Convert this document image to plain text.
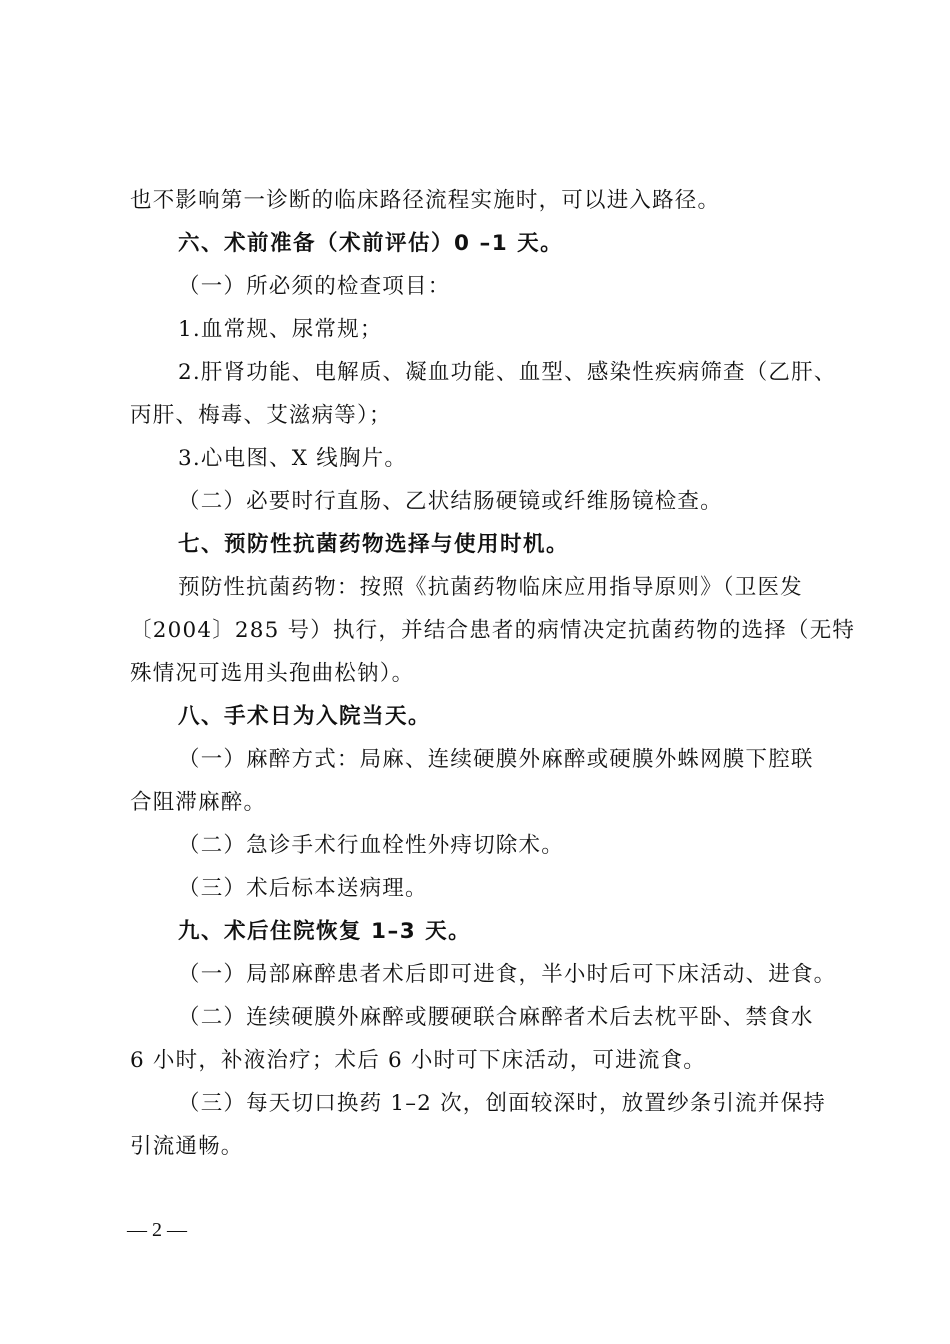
也不影响第一诊断的临床路径流程实施时，可以进入路径。
六、术前准备（术前评估）0 –1 天。
（一）所必须的检查项目：
1.血常规、尿常规；
2.肝肾功能、电解质、凝血功能、血型、感染性疾病筛查（乙肝、
丙肝、梅毒、艾滋病等）；
3.心电图、X 线胸片。
（二）必要时行直肠、乙状结肠硬镜或纤维肠镜检查。
七、预防性抗菌药物选择与使用时机。
预防性抗菌药物：按照《抗菌药物临床应用指导原则》（卫医发
〔2004〕285 号）执行，并结合患者的病情决定抗菌药物的选择（无特
殊情况可选用头孢曲松钠）。
八、手术日为入院当天。
（一）麻醉方式：局麻、连续硬膜外麻醉或硬膜外蛛网膜下腔联
合阻滞麻醉。
（二）急诊手术行血栓性外痔切除术。
（三）术后标本送病理。
九、术后住院恢复 1–3 天。
（一）局部麻醉患者术后即可进食，半小时后可下床活动、进食。
（二）连续硬膜外麻醉或腰硬联合麻醉者术后去枕平卧、禁食水
6 小时，补液治疗；术后 6 小时可下床活动，可进流食。
（三）每天切口换药 1–2 次，创面较深时，放置纱条引流并保持
引流通畅。
— 2 —
